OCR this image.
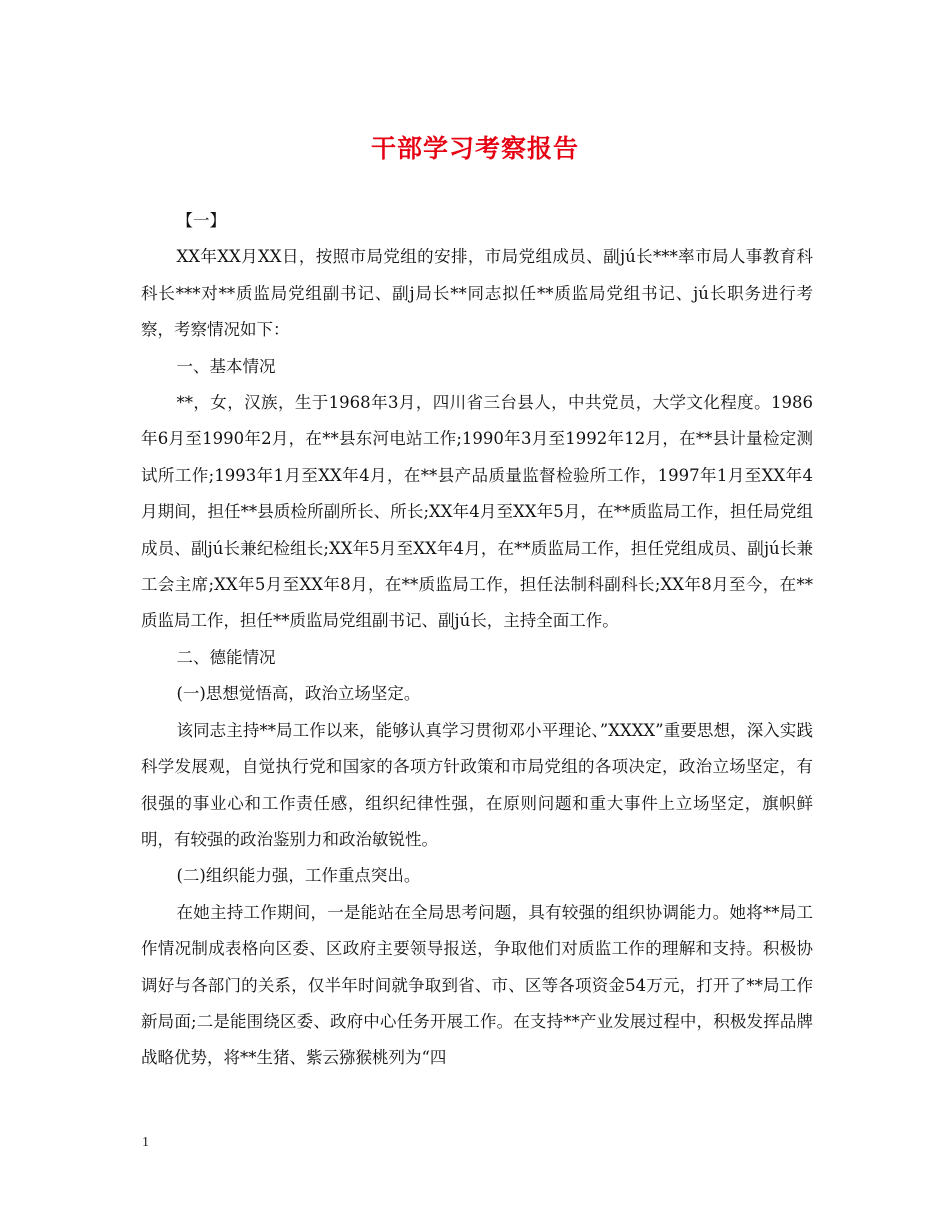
干部学习考察报告

【一】

XX年XX月XX日，按照市局党组的安排，市局党组成员、副jú长***率市局人事教育科科长***对**质监局党组副书记、副j局长**同志拟任**质监局党组书记、jú长职务进行考察，考察情况如下：

一、基本情况

**，女，汉族，生于1968年3月，四川省三台县人，中共党员，大学文化程度。1986年6月至1990年2月，在**县东河电站工作;1990年3月至1992年12月，在**县计量检定测试所工作;1993年1月至XX年4月，在**县产品质量监督检验所工作，1997年1月至XX年4月期间，担任**县质检所副所长、所长;XX年4月至XX年5月，在**质监局工作，担任局党组成员、副jú长兼纪检组长;XX年5月至XX年4月，在**质监局工作，担任党组成员、副jú长兼工会主席;XX年5月至XX年8月，在**质监局工作，担任法制科副科长;XX年8月至今，在**质监局工作，担任**质监局党组副书记、副jú长，主持全面工作。

二、德能情况

(一)思想觉悟高，政治立场坚定。

该同志主持**局工作以来，能够认真学习贯彻邓小平理论、”XXXX”重要思想，深入实践科学发展观，自觉执行党和国家的各项方针政策和市局党组的各项决定，政治立场坚定，有很强的事业心和工作责任感，组织纪律性强，在原则问题和重大事件上立场坚定，旗帜鲜明，有较强的政治鉴别力和政治敏锐性。

(二)组织能力强，工作重点突出。

在她主持工作期间，一是能站在全局思考问题，具有较强的组织协调能力。她将**局工作情况制成表格向区委、区政府主要领导报送，争取他们对质监工作的理解和支持。积极协调好与各部门的关系，仅半年时间就争取到省、市、区等各项资金54万元，打开了**局工作新局面;二是能围绕区委、政府中心任务开展工作。在支持**产业发展过程中，积极发挥品牌战略优势，将**生猪、紫云猕猴桃列为“四

1
